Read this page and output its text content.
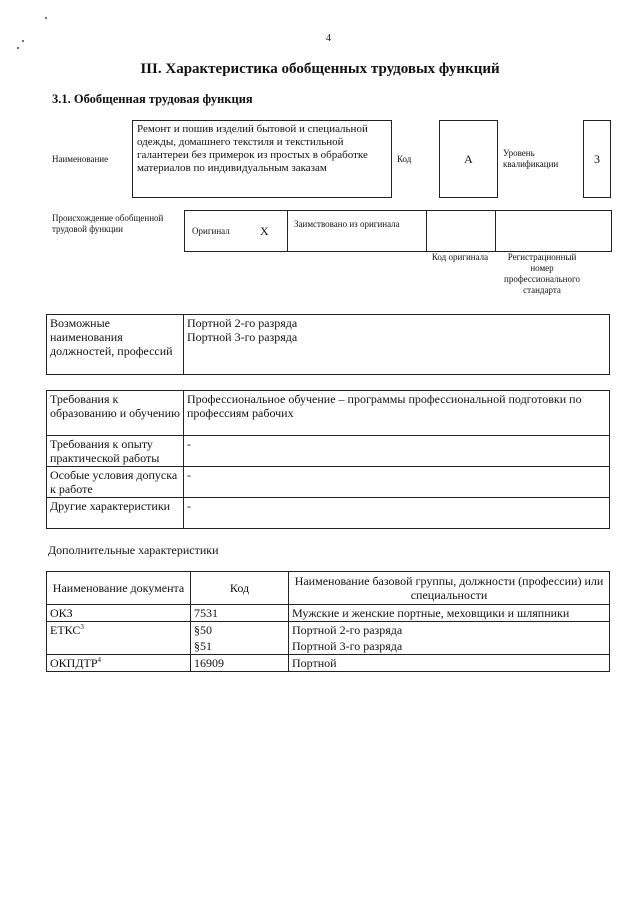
4
III. Характеристика обобщенных трудовых функций
3.1. Обобщенная трудовая функция
Наименование
Ремонт и пошив изделий бытовой и специальной одежды, домашнего текстиля и текстильной галантереи без примерок из простых в обработке материалов по индивидуальным заказам
Код	А	Уровень квалификации	3
Происхождение обобщенной трудовой функции	Оригинал	Х	Заимствовано из оригинала
Код оригинала	Регистрационный номер профессионального стандарта
Возможные наименования должностей, профессий	
Портной 2-го разряда
Портной 3-го разряда
Требования к образованию и обучению	Профессиональное обучение – программы профессиональной подготовки по профессиям рабочих
Требования к опыту практической работы	-
Особые условия допуска к работе	-
Другие характеристики	-
Дополнительные характеристики
Наименование документа	Код	Наименование базовой группы, должности (профессии) или специальности
ОКЗ	7531	Мужские и женские портные, меховщики и шляпники
ЕТКС$^3$	§50	Портной 2-го разряда
	§51	Портной 3-го разряда
ОКПДТР$^4$	16909	Портной
